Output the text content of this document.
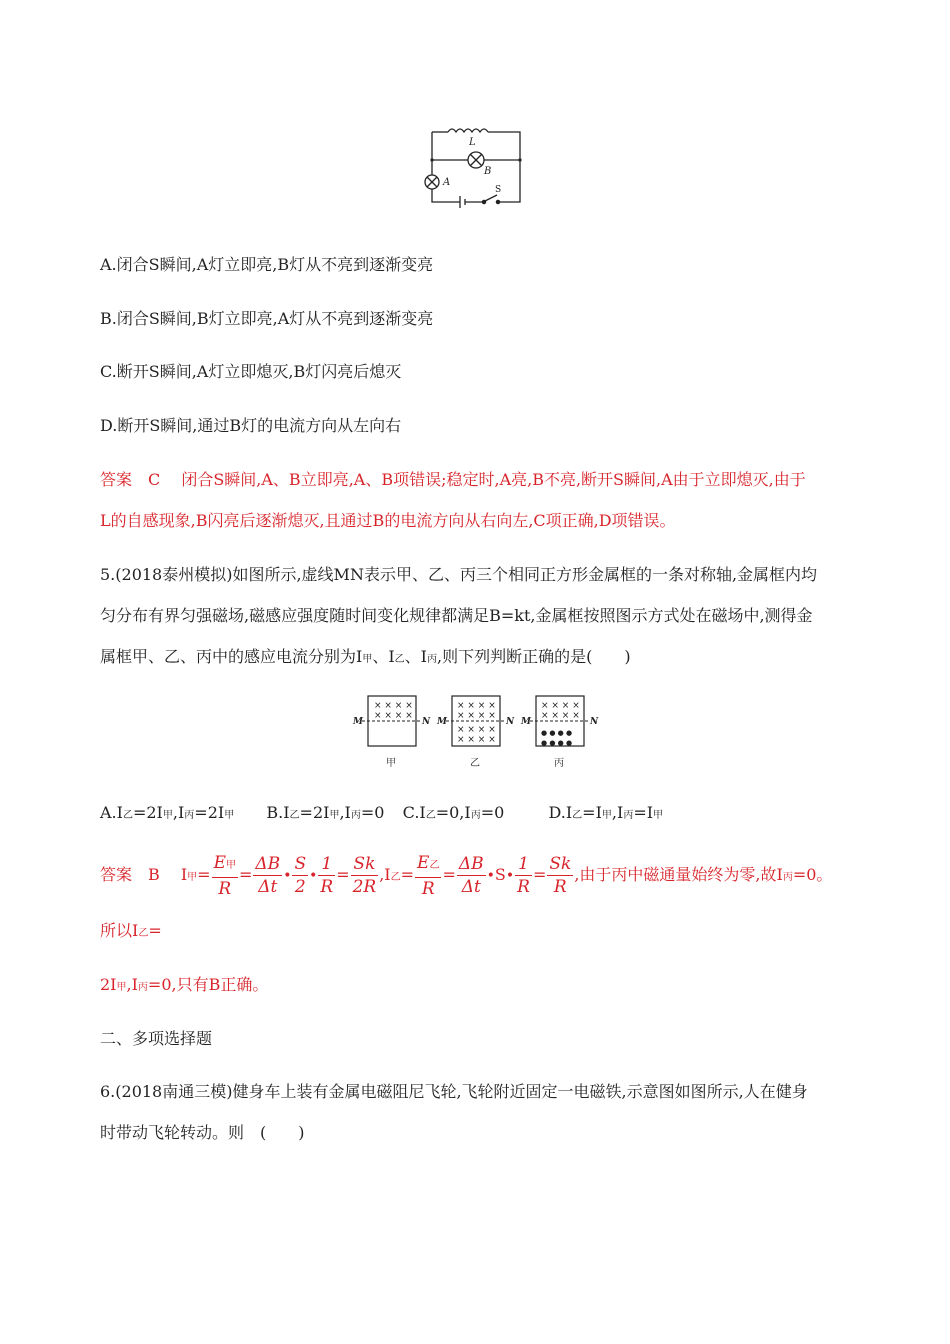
L
A
B
S
A.闭合S瞬间,A灯立即亮,B灯从不亮到逐渐变亮
B.闭合S瞬间,B灯立即亮,A灯从不亮到逐渐变亮
C.断开S瞬间,A灯立即熄灭,B灯闪亮后熄灭
D.断开S瞬间,通过B灯的电流方向从左向右
答案　C　 闭合S瞬间,A、B立即亮,A、B项错误;稳定时,A亮,B不亮,断开S瞬间,A由于立即熄灭,由于
L的自感现象,B闪亮后逐渐熄灭,且通过B的电流方向从右向左,C项正确,D项错误。
5.(2018泰州模拟)如图所示,虚线MN表示甲、乙、丙三个相同正方形金属框的一条对称轴,金属框内均
匀分布有界匀强磁场,磁感应强度随时间变化规律都满足B=kt,金属框按照图示方式处在磁场中,测得金
属框甲、乙、丙中的感应电流分别为I甲、I乙、I丙,则下列判断正确的是(　　)
× × × ×
× × × ×
M	N
甲
× × × ×
× × × ×
× × × ×
× × × ×
M	N
乙
× × × ×
× × × ×
● ● ● ●
● ● ● ●
M	N
丙
A.I乙=2I甲,I丙=2I甲 B.I乙=2I甲,I丙=0 C.I乙=0,I丙=0	D.I乙=I甲,I丙=I甲
答案　B　 I甲= $\frac{\text{E甲}}{R} = \frac{\Delta B}{\Delta t}$ • $\frac{S}{2}$ • $\frac{1}{R} = \frac{Sk}{2R} ,I$乙= $\frac{\text{E乙}}{R} = \frac{\Delta B}{\Delta t}$ •S• $\frac{1}{R} = \frac{Sk}{R}$ ,由于丙中磁通量始终为零,故I丙=0。
所以I乙=
2I甲,I丙=0,只有B正确。
二、多项选择题
6.(2018南通三模)健身车上装有金属电磁阻尼飞轮,飞轮附近固定一电磁铁,示意图如图所示,人在健身
时带动飞轮转动。则　(　　)
